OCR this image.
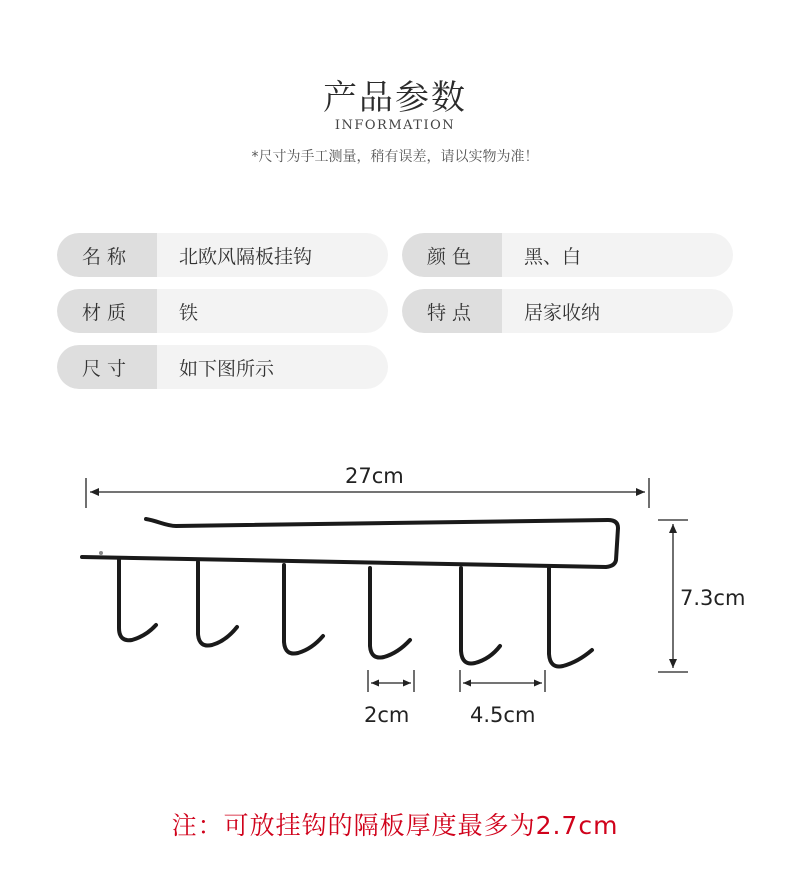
产品参数
INFORMATION
*尺寸为手工测量，稍有误差，请以实物为准！
名称	北欧风隔板挂钩	颜色	黑、白
材质	铁	特点	居家收纳
尺寸	如下图所示
27cm
7.3cm
2cm	4.5cm
注：可放挂钩的隔板厚度最多为2.7cm
